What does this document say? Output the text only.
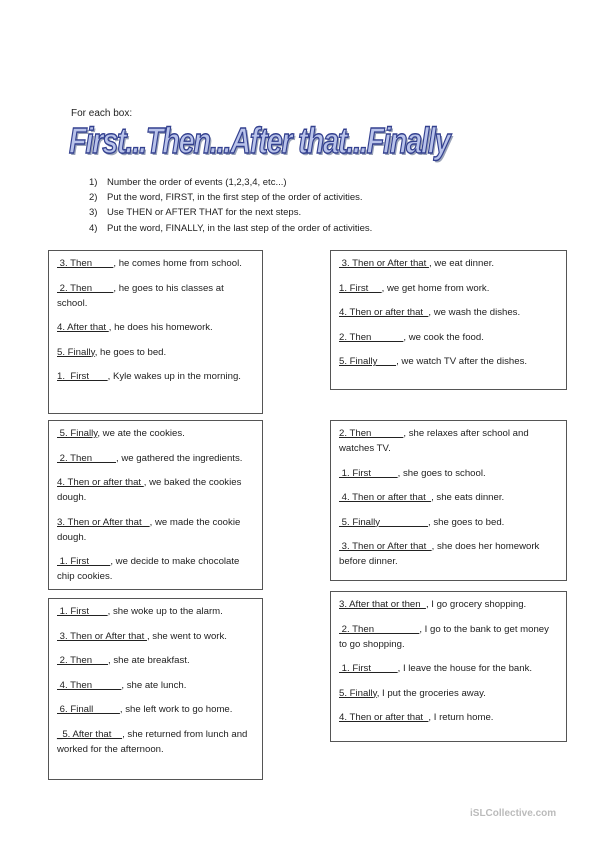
For each box:
First...Then...After that...Finally
1) Number the order of events (1,2,3,4, etc...)
2) Put the word, FIRST, in the first step of the order of activities.
3) Use THEN or AFTER THAT for the next steps.
4) Put the word, FINALLY, in the last step of the order of activities.

3. Then        , he comes home from school.

2. Then        , he goes to his classes at school.

4. After that , he does his homework.

5. Finally, he goes to bed.

1.  First       , Kyle wakes up in the morning.

3. Then or After that , we eat dinner.

1. First     , we get home from work.

4. Then or after that  , we wash the dishes.

2. Then            , we cook the food.

5. Finally       , we watch TV after the dishes.

5. Finally, we ate the cookies.

2. Then         , we gathered the ingredients.

4. Then or after that , we baked the cookies dough.

3. Then or After that   , we made the cookie dough.

1. First        , we decide to make chocolate chip cookies.

2. Then            , she relaxes after school and watches TV.

1. First          , she goes to school.

4. Then or after that  , she eats dinner.

5. Finally                  , she goes to bed.

3. Then or After that  , she does her homework before dinner.

1. First       , she woke up to the alarm.

3. Then or After that , she went to work.

2. Then      , she ate breakfast.

4. Then           , she ate lunch.

6. Finall          , she left work to go home.

_5. After that    , she returned from lunch and worked for the afternoon.

3. After that or then  , I go grocery shopping.

2. Then                 , I go to the bank to get money to go shopping.

1. First          , I leave the house for the bank.

5. Finally, I put the groceries away.

4. Then or after that  , I return home.

iSLCollective.com
